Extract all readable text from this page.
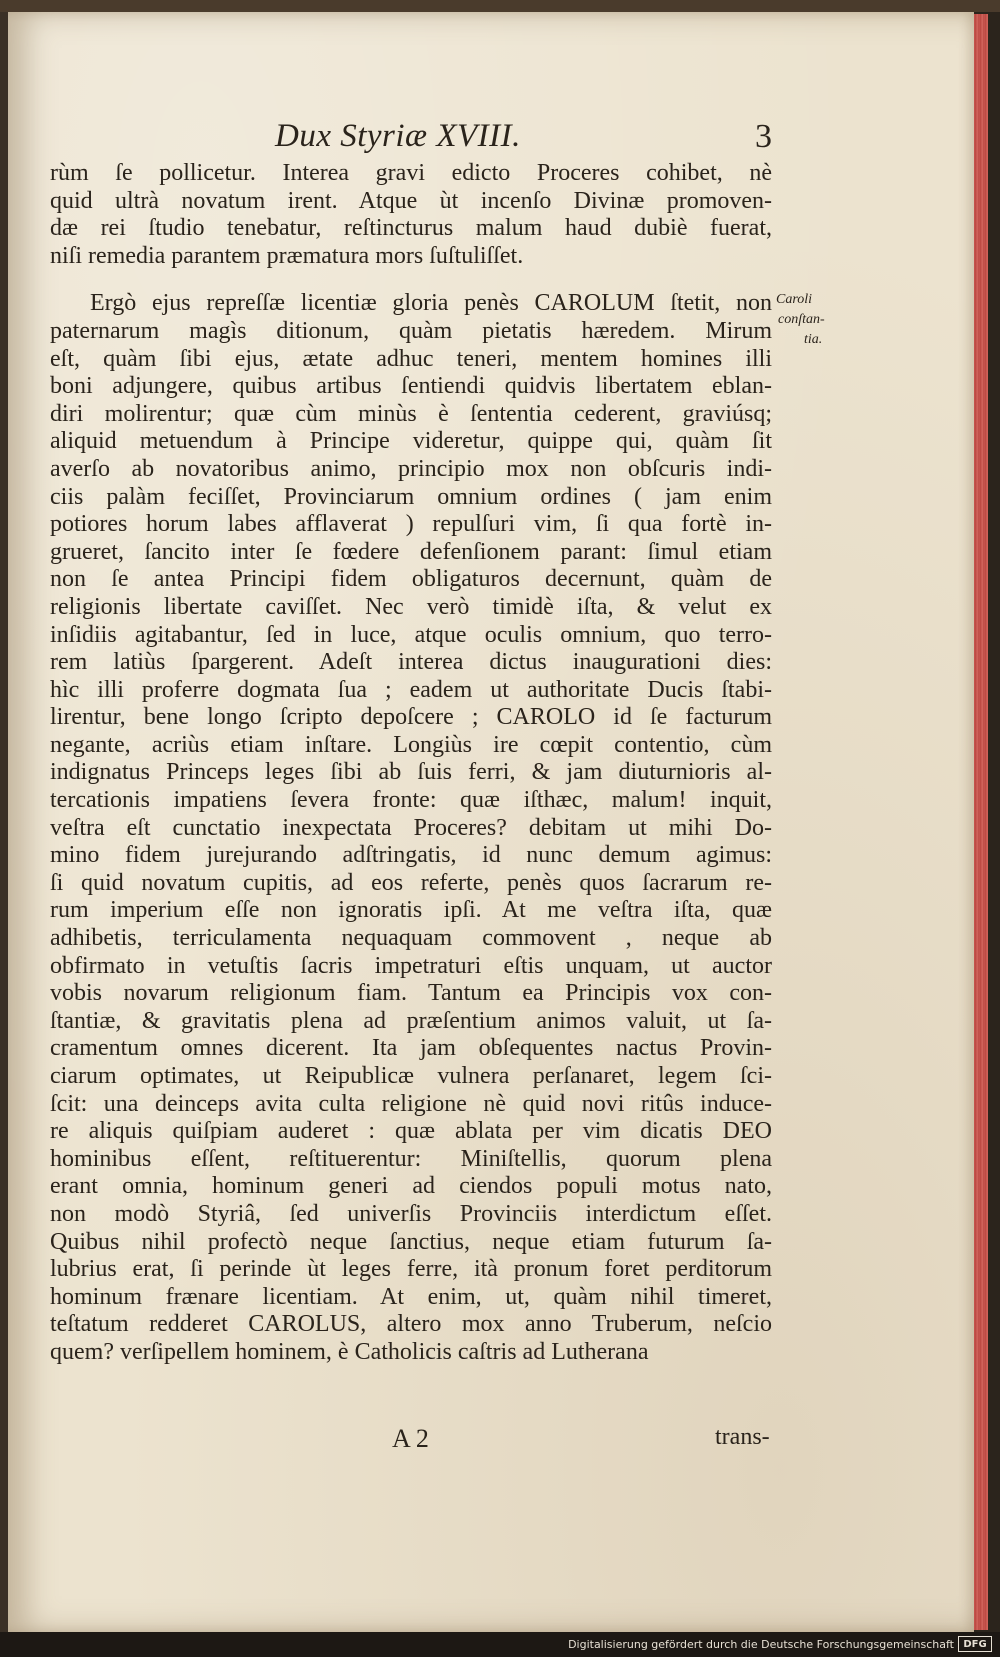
Dux Styriæ XVIII.	3
rùm ſe pollicetur. Interea gravi edicto Proceres cohibet, nè
quid ultrà novatum irent. Atque ùt incenſo Divinæ promoven-
dæ rei ſtudio tenebatur, reſtincturus malum haud dubiè fuerat,
niſi remedia parantem præmatura mors ſuſtuliſſet.
Ergò ejus repreſſæ licentiæ gloria penès CAROLUM ſtetit, non
paternarum magìs ditionum, quàm pietatis hæredem. Mirum
eſt, quàm ſibi ejus, ætate adhuc teneri, mentem homines illi
boni adjungere, quibus artibus ſentiendi quidvis libertatem eblan-
diri molirentur; quæ cùm minùs è ſententia cederent, graviúsq;
aliquid metuendum à Principe videretur, quippe qui, quàm ſit
averſo ab novatoribus animo, principio mox non obſcuris indi-
ciis palàm feciſſet, Provinciarum omnium ordines ( jam enim
potiores horum labes afflaverat ) repulſuri vim, ſi qua fortè in-
grueret, ſancito inter ſe fœdere defenſionem parant: ſimul etiam
non ſe antea Principi fidem obligaturos decernunt, quàm de
religionis libertate caviſſet. Nec verò timidè iſta, & velut ex
inſidiis agitabantur, ſed in luce, atque oculis omnium, quo terro-
rem latiùs ſpargerent. Adeſt interea dictus inaugurationi dies:
hìc illi proferre dogmata ſua ; eadem ut authoritate Ducis ſtabi-
lirentur, bene longo ſcripto depoſcere ; CAROLO id ſe facturum
negante, acriùs etiam inſtare. Longiùs ire cœpit contentio, cùm
indignatus Princeps leges ſibi ab ſuis ferri, & jam diuturnioris al-
tercationis impatiens ſevera fronte: quæ iſthæc, malum! inquit,
veſtra eſt cunctatio inexpectata Proceres? debitam ut mihi Do-
mino fidem jurejurando adſtringatis, id nunc demum agimus:
ſi quid novatum cupitis, ad eos referte, penès quos ſacrarum re-
rum imperium eſſe non ignoratis ipſi. At me veſtra iſta, quæ
adhibetis, terriculamenta nequaquam commovent , neque ab
obfirmato in vetuſtis ſacris impetraturi eſtis unquam, ut auctor
vobis novarum religionum fiam. Tantum ea Principis vox con-
ſtantiæ, & gravitatis plena ad præſentium animos valuit, ut ſa-
cramentum omnes dicerent. Ita jam obſequentes nactus Provin-
ciarum optimates, ut Reipublicæ vulnera perſanaret, legem ſci-
ſcit: una deinceps avita culta religione nè quid novi ritûs induce-
re aliquis quiſpiam auderet : quæ ablata per vim dicatis DEO
hominibus eſſent, reſtituerentur: Miniſtellis, quorum plena
erant omnia, hominum generi ad ciendos populi motus nato,
non modò Styriâ, ſed univerſis Provinciis interdictum eſſet.
Quibus nihil profectò neque ſanctius, neque etiam futurum ſa-
lubrius erat, ſi perinde ùt leges ferre, ità pronum foret perditorum
hominum frænare licentiam. At enim, ut, quàm nihil timeret,
teſtatum redderet CAROLUS, altero mox anno Truberum, neſcio
quem? verſipellem hominem, è Catholicis caſtris ad Lutherana
Caroli
conſtan-
tia.
A 2	trans-
Digitalisierung gefördert durch die Deutsche Forschungsgemeinschaft DFG
